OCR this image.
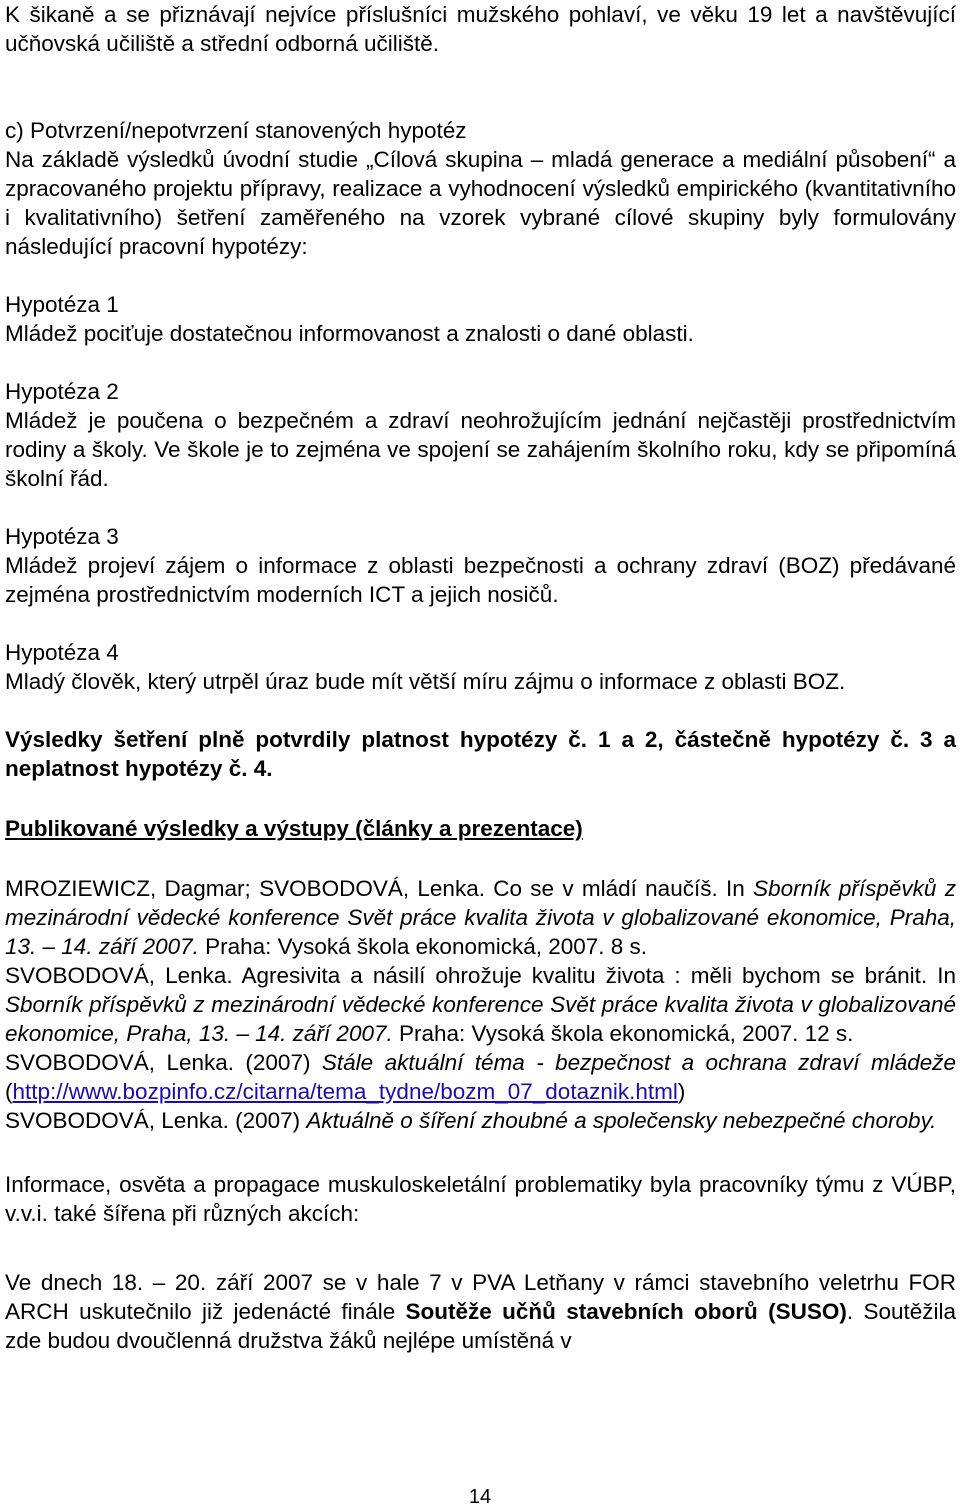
K šikaně a se přiznávají nejvíce příslušníci mužského pohlaví, ve věku 19 let a navštěvující učňovská učiliště a střední odborná učiliště.

c) Potvrzení/nepotvrzení stanovených hypotéz

Na základě výsledků úvodní studie „Cílová skupina – mladá generace a mediální působení“ a zpracovaného projektu přípravy, realizace a vyhodnocení výsledků empirického (kvantitativního i kvalitativního) šetření zaměřeného na vzorek vybrané cílové skupiny byly formulovány následující pracovní hypotézy:

Hypotéza 1

Mládež pociťuje dostatečnou informovanost a znalosti o dané oblasti.

Hypotéza 2

Mládež je poučena o bezpečném a zdraví neohrožujícím jednání nejčastěji prostřednictvím rodiny a školy. Ve škole je to zejména ve spojení se zahájením školního roku, kdy se připomíná školní řád.

Hypotéza 3

Mládež projeví zájem o informace z oblasti bezpečnosti a ochrany zdraví (BOZ) předávané zejména prostřednictvím moderních ICT a jejich nosičů.

Hypotéza 4

Mladý člověk, který utrpěl úraz bude mít větší míru zájmu o informace z oblasti BOZ.

Výsledky šetření plně potvrdily platnost hypotézy č. 1 a 2, částečně hypotézy č. 3 a neplatnost hypotézy č. 4.

Publikované výsledky a výstupy (články a prezentace)

MROZIEWICZ, Dagmar; SVOBODOVÁ, Lenka. Co se v mládí naučíš. In Sborník příspěvků z mezinárodní vědecké konference Svět práce kvalita života v globalizované ekonomice, Praha, 13. – 14. září 2007. Praha: Vysoká škola ekonomická, 2007. 8 s.

SVOBODOVÁ, Lenka. Agresivita a násilí ohrožuje kvalitu života : měli bychom se bránit. In Sborník příspěvků z mezinárodní vědecké konference Svět práce kvalita života v globalizované ekonomice, Praha, 13. – 14. září 2007. Praha: Vysoká škola ekonomická, 2007. 12 s.

SVOBODOVÁ, Lenka. (2007) Stále aktuální téma - bezpečnost a ochrana zdraví mládeže (http://www.bozpinfo.cz/citarna/tema_tydne/bozm_07_dotaznik.html)

SVOBODOVÁ, Lenka. (2007) Aktuálně o šíření zhoubné a společensky nebezpečné choroby.

Informace, osvěta a propagace muskuloskeletální problematiky byla pracovníky týmu z VÚBP, v.v.i. také šířena při různých akcích:

Ve dnech 18. – 20. září 2007 se v hale 7 v PVA Letňany v rámci stavebního veletrhu FOR ARCH uskutečnilo již jedenácté finále Soutěže učňů stavebních oborů (SUSO). Soutěžila zde budou dvoučlenná družstva žáků nejlépe umístěná v

14
